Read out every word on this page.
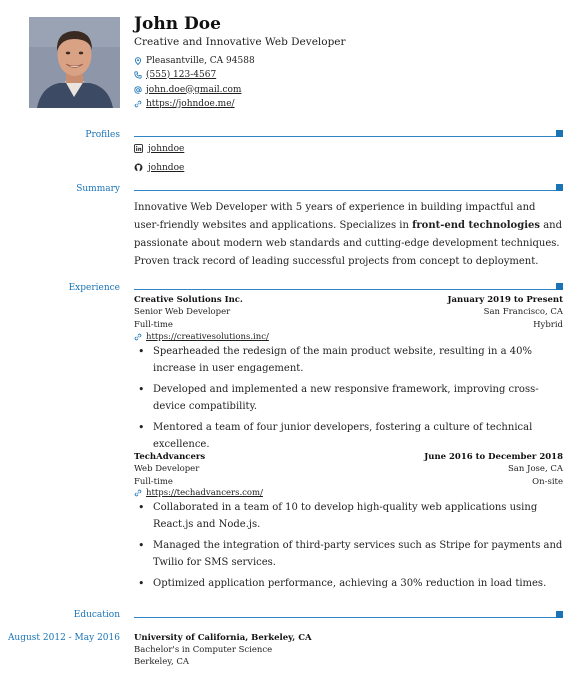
John Doe
Creative and Innovative Web Developer
Pleasantville, CA 94588
(555) 123-4567
john.doe@gmail.com
https://johndoe.me/
Profiles
johndoe
johndoe
Summary
Innovative Web Developer with 5 years of experience in building impactful and user-friendly websites and applications. Specializes in front-end technologies and passionate about modern web standards and cutting-edge development techniques. Proven track record of leading successful projects from concept to deployment.
Experience
Creative Solutions Inc.	January 2019 to Present
Senior Web Developer	San Francisco, CA
Full-time	Hybrid
https://creativesolutions.inc/
• Spearheaded the redesign of the main product website, resulting in a 40% increase in user engagement.
• Developed and implemented a new responsive framework, improving cross-device compatibility.
• Mentored a team of four junior developers, fostering a culture of technical excellence.
TechAdvancers	June 2016 to December 2018
Web Developer	San Jose, CA
Full-time	On-site
https://techadvancers.com/
• Collaborated in a team of 10 to develop high-quality web applications using React.js and Node.js.
• Managed the integration of third-party services such as Stripe for payments and Twilio for SMS services.
• Optimized application performance, achieving a 30% reduction in load times.
Education
August 2012 - May 2016 University of California, Berkeley, CA
Bachelor's in Computer Science
Berkeley, CA
